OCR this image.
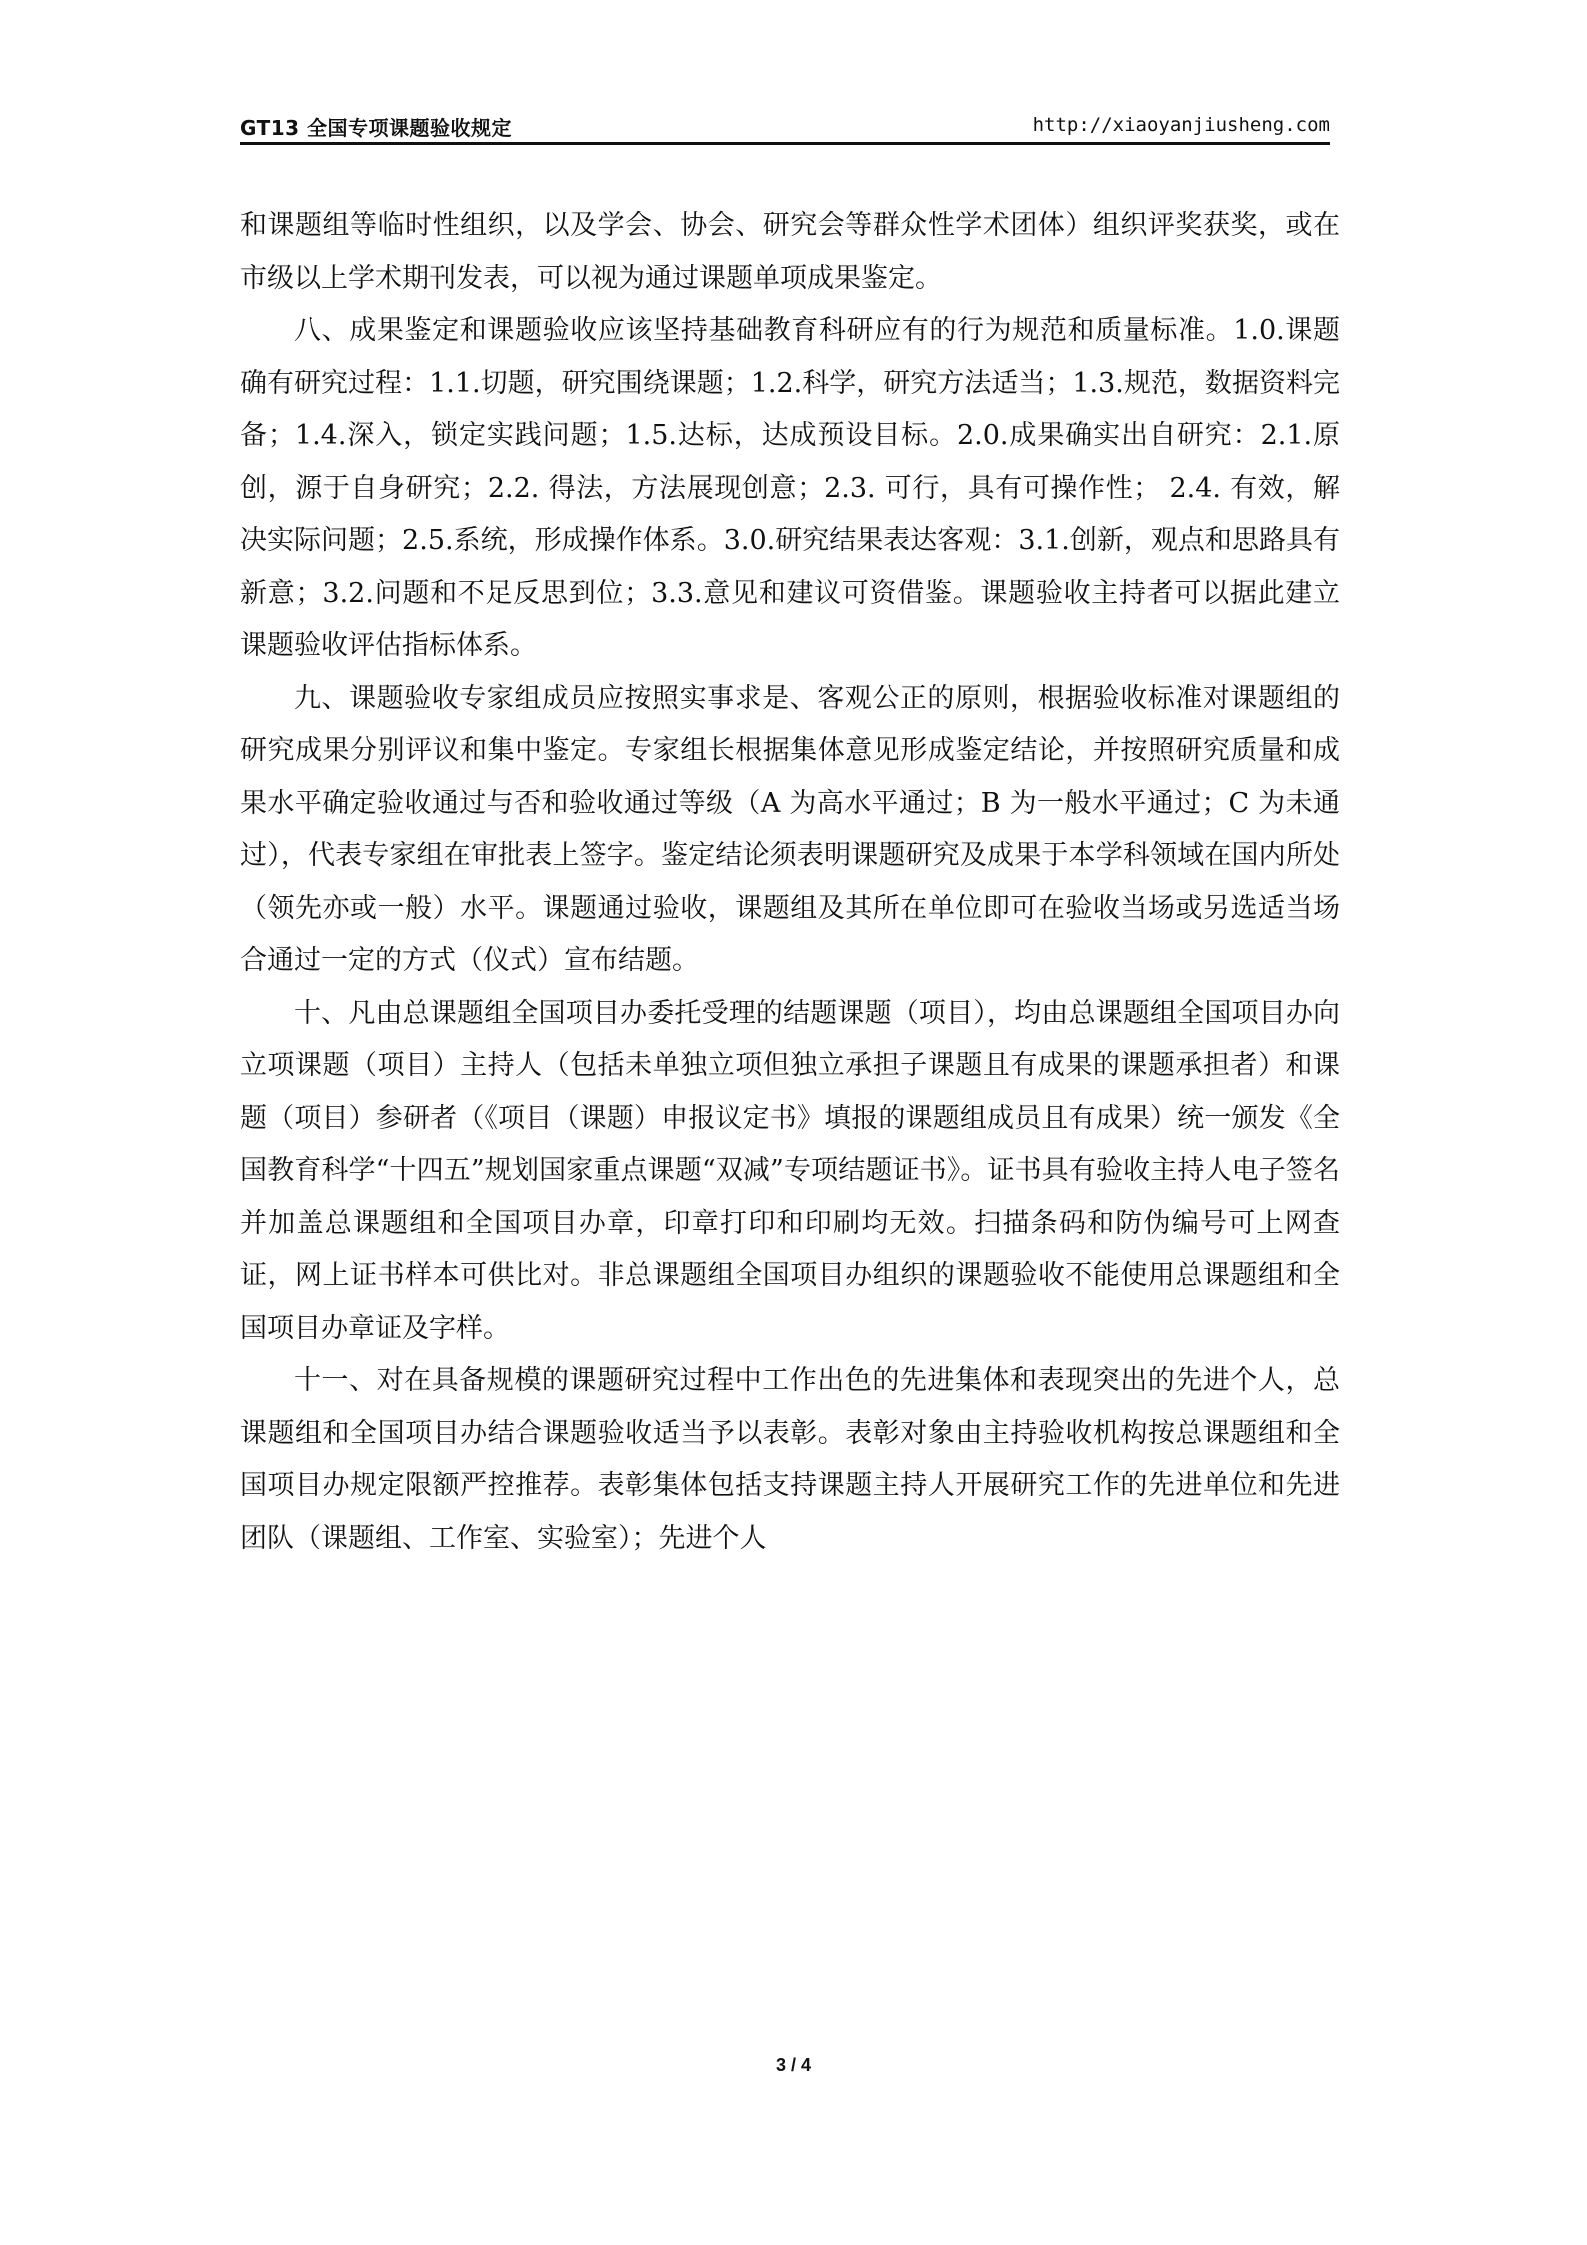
GT13 全国专项课题验收规定	http://xiaoyanjiusheng.com

和课题组等临时性组织，以及学会、协会、研究会等群众性学术团体）组织评奖获奖，或在市级以上学术期刊发表，可以视为通过课题单项成果鉴定。

八、成果鉴定和课题验收应该坚持基础教育科研应有的行为规范和质量标准。1.0.课题确有研究过程：1.1.切题，研究围绕课题；1.2.科学，研究方法适当；1.3.规范，数据资料完备；1.4.深入，锁定实践问题；1.5.达标，达成预设目标。2.0.成果确实出自研究：2.1.原创，源于自身研究；2.2. 得法，方法展现创意；2.3. 可行，具有可操作性； 2.4. 有效，解决实际问题；2.5.系统，形成操作体系。3.0.研究结果表达客观：3.1.创新，观点和思路具有新意；3.2.问题和不足反思到位；3.3.意见和建议可资借鉴。课题验收主持者可以据此建立课题验收评估指标体系。

九、课题验收专家组成员应按照实事求是、客观公正的原则，根据验收标准对课题组的研究成果分别评议和集中鉴定。专家组长根据集体意见形成鉴定结论，并按照研究质量和成果水平确定验收通过与否和验收通过等级（A 为高水平通过；B 为一般水平通过；C 为未通过），代表专家组在审批表上签字。鉴定结论须表明课题研究及成果于本学科领域在国内所处（领先亦或一般）水平。课题通过验收，课题组及其所在单位即可在验收当场或另选适当场合通过一定的方式（仪式）宣布结题。

十、凡由总课题组全国项目办委托受理的结题课题（项目），均由总课题组全国项目办向立项课题（项目）主持人（包括未单独立项但独立承担子课题且有成果的课题承担者）和课题（项目）参研者（《项目（课题）申报议定书》填报的课题组成员且有成果）统一颁发《全国教育科学“十四五”规划国家重点课题“双减”专项结题证书》。证书具有验收主持人电子签名并加盖总课题组和全国项目办章，印章打印和印刷均无效。扫描条码和防伪编号可上网查证，网上证书样本可供比对。非总课题组全国项目办组织的课题验收不能使用总课题组和全国项目办章证及字样。

十一、对在具备规模的课题研究过程中工作出色的先进集体和表现突出的先进个人，总课题组和全国项目办结合课题验收适当予以表彰。表彰对象由主持验收机构按总课题组和全国项目办规定限额严控推荐。表彰集体包括支持课题主持人开展研究工作的先进单位和先进团队（课题组、工作室、实验室）；先进个人

3 / 4
